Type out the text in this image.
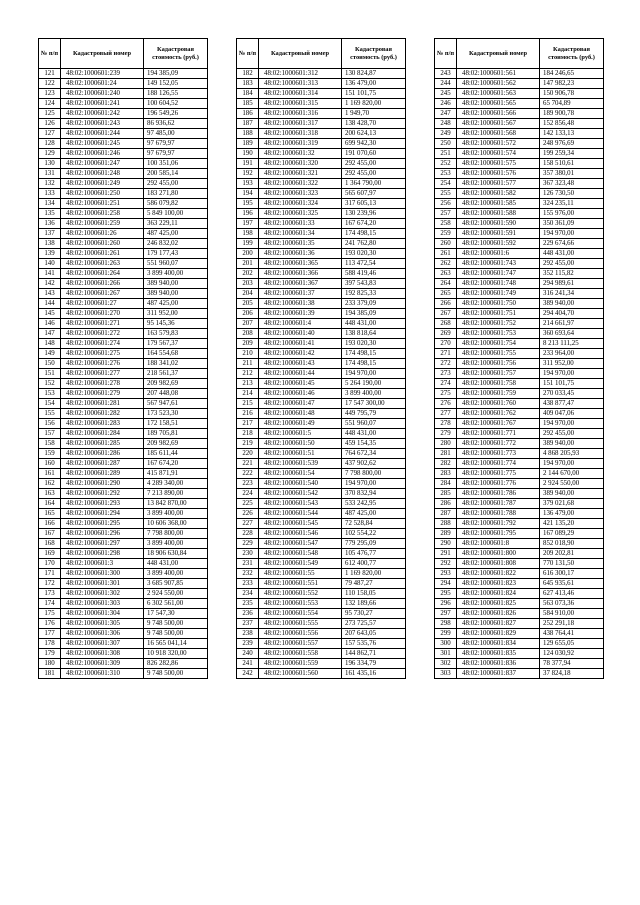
№ п/п	Кадастровый номер	Кадастровая стоимость (руб.)
121	48:02:1000601:239	194 385,09
122	48:02:1000601:24	149 152,05
123	48:02:1000601:240	188 126,55
124	48:02:1000601:241	100 604,52
125	48:02:1000601:242	196 549,26
126	48:02:1000601:243	86 936,62
127	48:02:1000601:244	97 485,00
128	48:02:1000601:245	97 679,97
129	48:02:1000601:246	97 679,97
130	48:02:1000601:247	100 351,06
131	48:02:1000601:248	200 585,14
132	48:02:1000601:249	292 455,00
133	48:02:1000601:250	183 271,80
134	48:02:1000601:251	586 079,82
135	48:02:1000601:258	5 849 100,00
136	48:02:1000601:259	363 229,11
137	48:02:1000601:26	487 425,00
138	48:02:1000601:260	246 832,02
139	48:02:1000601:261	179 177,43
140	48:02:1000601:263	551 960,07
141	48:02:1000601:264	3 899 400,00
142	48:02:1000601:266	389 940,00
143	48:02:1000601:267	389 940,00
144	48:02:1000601:27	487 425,00
145	48:02:1000601:270	311 952,00
146	48:02:1000601:271	95 145,36
147	48:02:1000601:272	163 579,83
148	48:02:1000601:274	179 567,37
149	48:02:1000601:275	164 554,68
150	48:02:1000601:276	188 341,02
151	48:02:1000601:277	218 561,37
152	48:02:1000601:278	209 982,69
153	48:02:1000601:279	207 448,08
154	48:02:1000601:281	567 947,61
155	48:02:1000601:282	173 523,30
156	48:02:1000601:283	172 158,51
157	48:02:1000601:284	189 705,81
158	48:02:1000601:285	209 982,69
159	48:02:1000601:286	185 611,44
160	48:02:1000601:287	167 674,20
161	48:02:1000601:289	415 871,91
162	48:02:1000601:290	4 289 340,00
163	48:02:1000601:292	7 213 890,00
164	48:02:1000601:293	13 842 870,00
165	48:02:1000601:294	3 899 400,00
166	48:02:1000601:295	10 606 368,00
167	48:02:1000601:296	7 798 800,00
168	48:02:1000601:297	3 899 400,00
169	48:02:1000601:298	18 906 630,84
170	48:02:1000601:3	448 431,00
171	48:02:1000601:300	3 899 400,00
172	48:02:1000601:301	3 685 907,85
173	48:02:1000601:302	2 924 550,00
174	48:02:1000601:303	6 302 561,00
175	48:02:1000601:304	17 547,30
176	48:02:1000601:305	9 748 500,00
177	48:02:1000601:306	9 748 500,00
178	48:02:1000601:307	16 565 041,14
179	48:02:1000601:308	10 918 320,00
180	48:02:1000601:309	826 282,86
181	48:02:1000601:310	9 748 500,00
№ п/п	Кадастровый номер	Кадастровая стоимость (руб.)
182	48:02:1000601:312	130 824,87
183	48:02:1000601:313	136 479,00
184	48:02:1000601:314	151 101,75
185	48:02:1000601:315	1 169 820,00
186	48:02:1000601:316	1 949,70
187	48:02:1000601:317	138 428,70
188	48:02:1000601:318	200 624,13
189	48:02:1000601:319	699 942,30
190	48:02:1000601:32	191 070,60
191	48:02:1000601:320	292 455,00
192	48:02:1000601:321	292 455,00
193	48:02:1000601:322	1 364 790,00
194	48:02:1000601:323	565 607,97
195	48:02:1000601:324	317 605,13
196	48:02:1000601:325	130 239,96
197	48:02:1000601:33	167 674,20
198	48:02:1000601:34	174 498,15
199	48:02:1000601:35	241 762,80
200	48:02:1000601:36	193 020,30
201	48:02:1000601:365	113 472,54
202	48:02:1000601:366	588 419,46
203	48:02:1000601:367	397 543,83
204	48:02:1000601:37	192 825,33
205	48:02:1000601:38	233 379,09
206	48:02:1000601:39	194 385,09
207	48:02:1000601:4	448 431,00
208	48:02:1000601:40	138 818,64
209	48:02:1000601:41	193 020,30
210	48:02:1000601:42	174 498,15
211	48:02:1000601:43	174 498,15
212	48:02:1000601:44	194 970,00
213	48:02:1000601:45	5 264 190,00
214	48:02:1000601:46	3 899 400,00
215	48:02:1000601:47	17 547 300,00
216	48:02:1000601:48	449 795,79
217	48:02:1000601:49	551 960,07
218	48:02:1000601:5	448 431,00
219	48:02:1000601:50	459 154,35
220	48:02:1000601:51	764 672,34
221	48:02:1000601:539	437 902,62
222	48:02:1000601:54	7 798 800,00
223	48:02:1000601:540	194 970,00
224	48:02:1000601:542	370 832,94
225	48:02:1000601:543	533 242,95
226	48:02:1000601:544	487 425,00
227	48:02:1000601:545	72 528,84
228	48:02:1000601:546	102 554,22
229	48:02:1000601:547	779 295,09
230	48:02:1000601:548	105 476,77
231	48:02:1000601:549	612 400,77
232	48:02:1000601:55	1 169 820,00
233	48:02:1000601:551	79 487,27
234	48:02:1000601:552	110 158,05
235	48:02:1000601:553	132 189,66
236	48:02:1000601:554	95 730,27
237	48:02:1000601:555	273 725,57
238	48:02:1000601:556	207 643,05
239	48:02:1000601:557	157 535,76
240	48:02:1000601:558	144 862,71
241	48:02:1000601:559	196 334,79
242	48:02:1000601:560	161 435,16
№ п/п	Кадастровый номер	Кадастровая стоимость (руб.)
243	48:02:1000601:561	184 246,65
244	48:02:1000601:562	147 982,23
245	48:02:1000601:563	150 906,78
246	48:02:1000601:565	65 704,89
247	48:02:1000601:566	189 900,78
248	48:02:1000601:567	152 856,48
249	48:02:1000601:568	142 133,13
250	48:02:1000601:572	248 976,69
251	48:02:1000601:574	199 259,34
252	48:02:1000601:575	158 510,61
253	48:02:1000601:576	357 380,01
254	48:02:1000601:577	367 323,48
255	48:02:1000601:582	126 730,50
256	48:02:1000601:585	324 235,11
257	48:02:1000601:588	155 976,00
258	48:02:1000601:590	350 361,09
259	48:02:1000601:591	194 970,00
260	48:02:1000601:592	229 674,66
261	48:02:1000601:6	448 431,00
262	48:02:1000601:743	292 455,00
263	48:02:1000601:747	352 115,82
264	48:02:1000601:748	294 989,61
265	48:02:1000601:749	316 241,34
266	48:02:1000601:750	389 940,00
267	48:02:1000601:751	294 404,70
268	48:02:1000601:752	214 661,97
269	48:02:1000601:753	360 693,64
270	48:02:1000601:754	8 213 111,25
271	48:02:1000601:755	233 964,00
272	48:02:1000601:756	311 952,00
273	48:02:1000601:757	194 970,00
274	48:02:1000601:758	151 101,75
275	48:02:1000601:759	270 033,45
276	48:02:1000601:760	438 877,47
277	48:02:1000601:762	409 047,06
278	48:02:1000601:767	194 970,00
279	48:02:1000601:771	292 455,00
280	48:02:1000601:772	389 940,00
281	48:02:1000601:773	4 868 205,93
282	48:02:1000601:774	194 970,00
283	48:02:1000601:775	2 144 670,00
284	48:02:1000601:776	2 924 550,00
285	48:02:1000601:786	389 940,00
286	48:02:1000601:787	379 021,68
287	48:02:1000601:788	136 479,00
288	48:02:1000601:792	421 135,20
289	48:02:1000601:795	167 089,29
290	48:02:1000601:8	852 018,90
291	48:02:1000601:800	209 202,81
292	48:02:1000601:808	770 131,50
293	48:02:1000601:822	616 300,17
294	48:02:1000601:823	645 935,61
295	48:02:1000601:824	627 413,46
296	48:02:1000601:825	563 073,36
297	48:02:1000601:826	584 910,00
298	48:02:1000601:827	252 291,18
299	48:02:1000601:829	438 764,41
300	48:02:1000601:834	129 655,05
301	48:02:1000601:835	124 030,92
302	48:02:1000601:836	78 377,94
303	48:02:1000601:837	37 824,18
